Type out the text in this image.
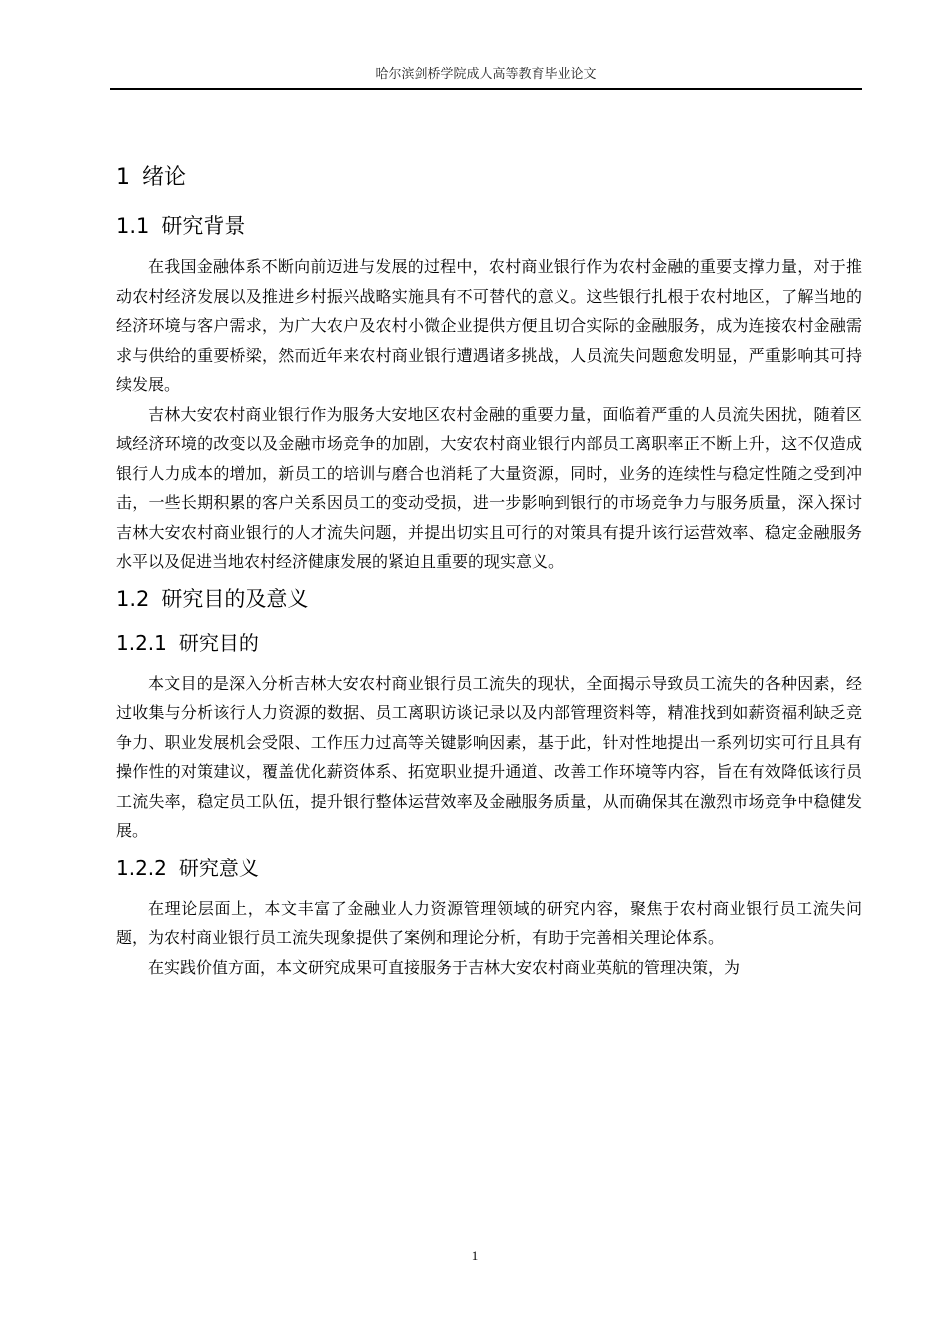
哈尔滨剑桥学院成人高等教育毕业论文
1 绪论
1.1 研究背景

在我国金融体系不断向前迈进与发展的过程中，农村商业银行作为农村金融的重要支撑力量，对于推动农村经济发展以及推进乡村振兴战略实施具有不可替代的意义。这些银行扎根于农村地区，了解当地的经济环境与客户需求，为广大农户及农村小微企业提供方便且切合实际的金融服务，成为连接农村金融需求与供给的重要桥梁，然而近年来农村商业银行遭遇诸多挑战，人员流失问题愈发明显，严重影响其可持续发展。

吉林大安农村商业银行作为服务大安地区农村金融的重要力量，面临着严重的人员流失困扰，随着区域经济环境的改变以及金融市场竞争的加剧，大安农村商业银行内部员工离职率正不断上升，这不仅造成银行人力成本的增加，新员工的培训与磨合也消耗了大量资源，同时，业务的连续性与稳定性随之受到冲击，一些长期积累的客户关系因员工的变动受损，进一步影响到银行的市场竞争力与服务质量，深入探讨吉林大安农村商业银行的人才流失问题，并提出切实且可行的对策具有提升该行运营效率、稳定金融服务水平以及促进当地农村经济健康发展的紧迫且重要的现实意义。

1.2 研究目的及意义
1.2.1 研究目的

本文目的是深入分析吉林大安农村商业银行员工流失的现状，全面揭示导致员工流失的各种因素，经过收集与分析该行人力资源的数据、员工离职访谈记录以及内部管理资料等，精准找到如薪资福利缺乏竞争力、职业发展机会受限、工作压力过高等关键影响因素，基于此，针对性地提出一系列切实可行且具有操作性的对策建议，覆盖优化薪资体系、拓宽职业提升通道、改善工作环境等内容，旨在有效降低该行员工流失率，稳定员工队伍，提升银行整体运营效率及金融服务质量，从而确保其在激烈市场竞争中稳健发展。

1.2.2 研究意义

在理论层面上，本文丰富了金融业人力资源管理领域的研究内容，聚焦于农村商业银行员工流失问题，为农村商业银行员工流失现象提供了案例和理论分析，有助于完善相关理论体系。

在实践价值方面，本文研究成果可直接服务于吉林大安农村商业英航的管理决策，为

1
